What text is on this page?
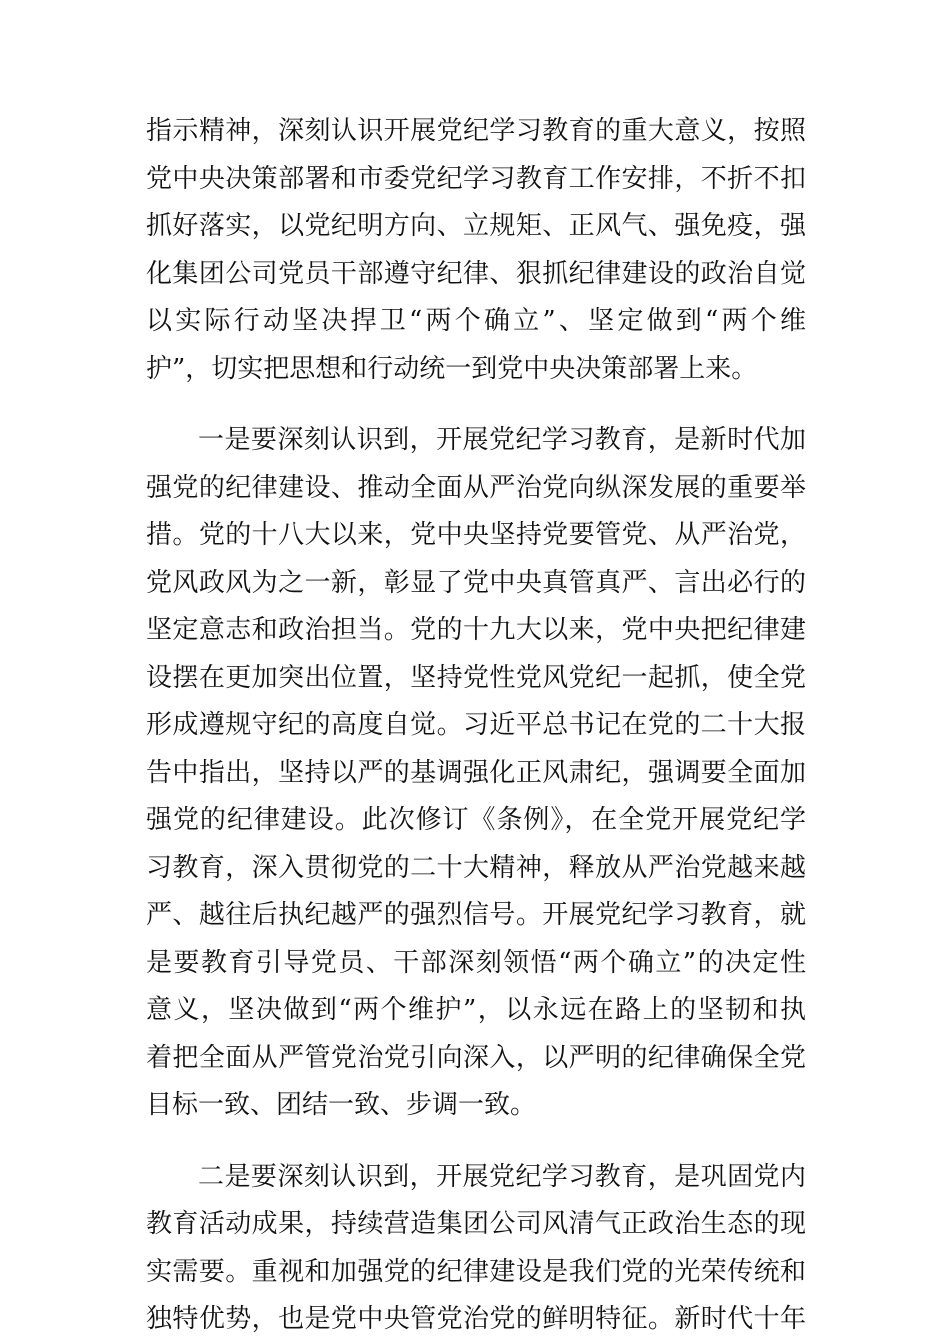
指示精神，深刻认识开展党纪学习教育的重大意义，按照
党中央决策部署和市委党纪学习教育工作安排，不折不扣
抓好落实，以党纪明方向、立规矩、正风气、强免疫，强
化集团公司党员干部遵守纪律、狠抓纪律建设的政治自觉
以实际行动坚决捍卫“两个确立”、坚定做到“两个维
护”，切实把思想和行动统一到党中央决策部署上来。
一是要深刻认识到，开展党纪学习教育，是新时代加
强党的纪律建设、推动全面从严治党向纵深发展的重要举
措。党的十八大以来，党中央坚持党要管党、从严治党，
党风政风为之一新，彰显了党中央真管真严、言出必行的
坚定意志和政治担当。党的十九大以来，党中央把纪律建
设摆在更加突出位置，坚持党性党风党纪一起抓，使全党
形成遵规守纪的高度自觉。习近平总书记在党的二十大报
告中指出，坚持以严的基调强化正风肃纪，强调要全面加
强党的纪律建设。此次修订《条例》，在全党开展党纪学
习教育，深入贯彻党的二十大精神，释放从严治党越来越
严、越往后执纪越严的强烈信号。开展党纪学习教育，就
是要教育引导党员、干部深刻领悟“两个确立”的决定性
意义，坚决做到“两个维护”，以永远在路上的坚韧和执
着把全面从严管党治党引向深入，以严明的纪律确保全党
目标一致、团结一致、步调一致。
二是要深刻认识到，开展党纪学习教育，是巩固党内
教育活动成果，持续营造集团公司风清气正政治生态的现
实需要。重视和加强党的纪律建设是我们党的光荣传统和
独特优势，也是党中央管党治党的鲜明特征。新时代十年
